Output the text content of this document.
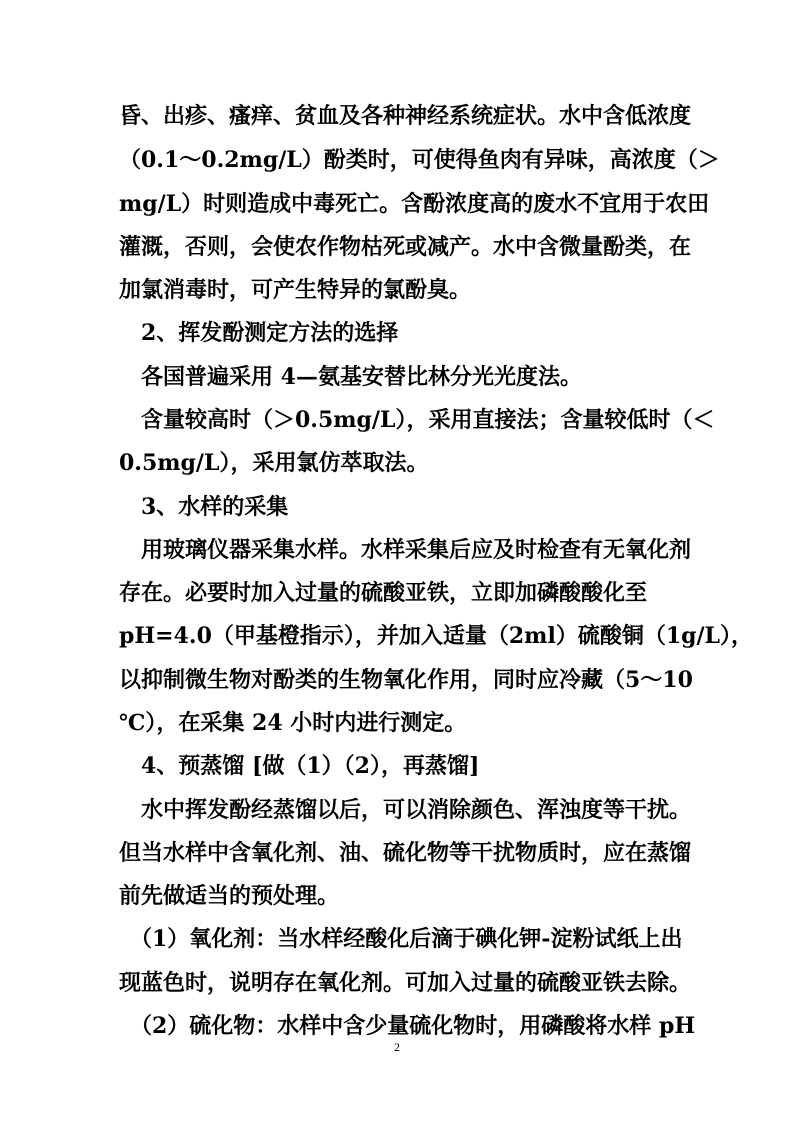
昏、出疹、瘙痒、贫血及各种神经系统症状。水中含低浓度
（0.1～0.2mg/L）酚类时，可使得鱼肉有异味，高浓度（＞
mg/L）时则造成中毒死亡。含酚浓度高的废水不宜用于农田
灌溉，否则，会使农作物枯死或减产。水中含微量酚类，在
加氯消毒时，可产生特异的氯酚臭。
2、挥发酚测定方法的选择
各国普遍采用 4—氨基安替比林分光光度法。
含量较高时（＞0.5mg/L），采用直接法；含量较低时（＜
0.5mg/L），采用氯仿萃取法。
3、水样的采集
用玻璃仪器采集水样。水样采集后应及时检查有无氧化剂
存在。必要时加入过量的硫酸亚铁，立即加磷酸酸化至
pH=4.0（甲基橙指示），并加入适量（2ml）硫酸铜（1g/L），
以抑制微生物对酚类的生物氧化作用，同时应冷藏（5～10
℃），在采集 24 小时内进行测定。
4、预蒸馏 [做（1）（2），再蒸馏]
水中挥发酚经蒸馏以后，可以消除颜色、浑浊度等干扰。
但当水样中含氧化剂、油、硫化物等干扰物质时，应在蒸馏
前先做适当的预处理。
（1）氧化剂：当水样经酸化后滴于碘化钾-淀粉试纸上出
现蓝色时，说明存在氧化剂。可加入过量的硫酸亚铁去除。
（2）硫化物：水样中含少量硫化物时，用磷酸将水样 pH
2
